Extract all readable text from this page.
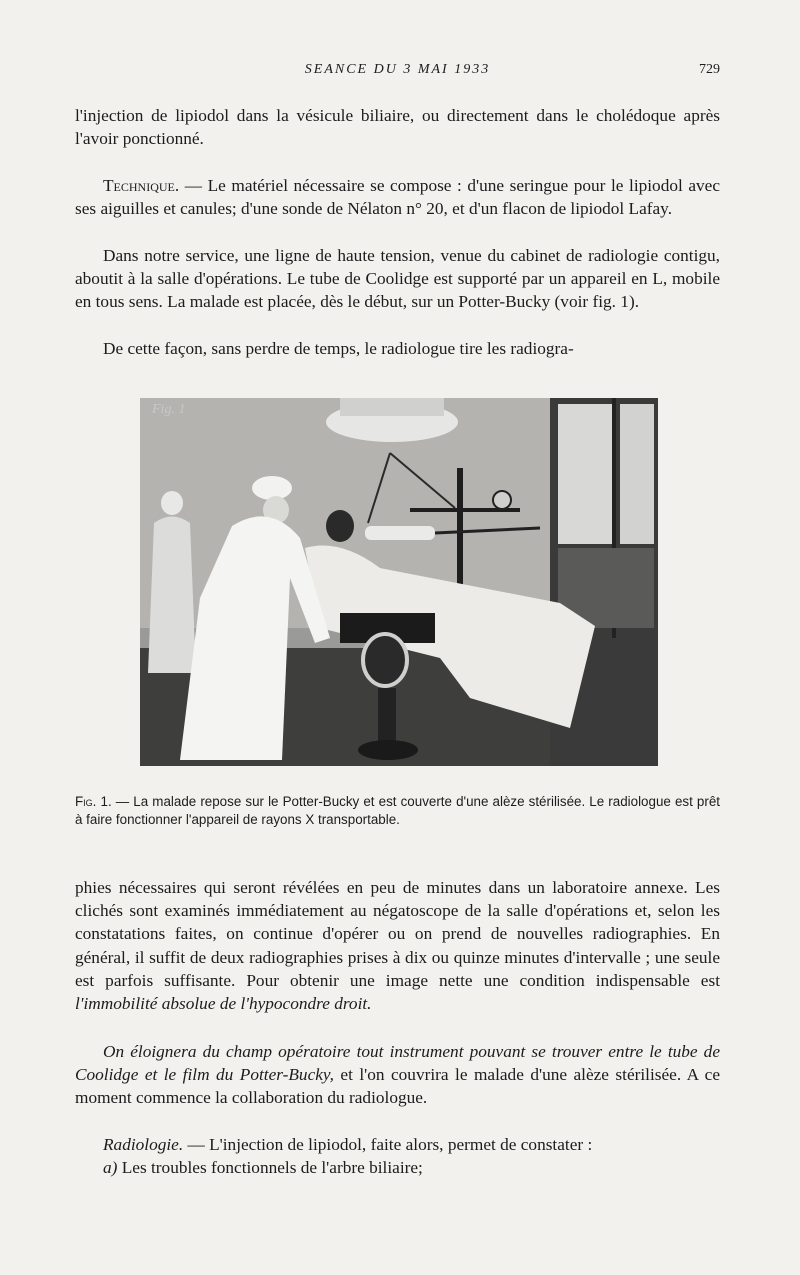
SEANCE DU 3 MAI 1933	729

l'injection de lipiodol dans la vésicule biliaire, ou directement dans le cholédoque après l'avoir ponctionné.

Technique. — Le matériel nécessaire se compose : d'une seringue pour le lipiodol avec ses aiguilles et canules; d'une sonde de Nélaton n° 20, et d'un flacon de lipiodol Lafay.

Dans notre service, une ligne de haute tension, venue du cabinet de radiologie contigu, aboutit à la salle d'opérations. Le tube de Coolidge est supporté par un appareil en L, mobile en tous sens. La malade est placée, dès le début, sur un Potter-Bucky (voir fig. 1).

De cette façon, sans perdre de temps, le radiologue tire les radiogra-

Fig. 1
Fig. 1. — La malade repose sur le Potter-Bucky et est couverte d'une alèze stérilisée. Le radiologue est prêt à faire fonctionner l'appareil de rayons X transportable.

phies nécessaires qui seront révélées en peu de minutes dans un laboratoire annexe. Les clichés sont examinés immédiatement au négatoscope de la salle d'opérations et, selon les constatations faites, on continue d'opérer ou on prend de nouvelles radiographies. En général, il suffit de deux radiographies prises à dix ou quinze minutes d'intervalle ; une seule est parfois suffisante. Pour obtenir une image nette une condition indispensable est l'immobilité absolue de l'hypocondre droit.

On éloignera du champ opératoire tout instrument pouvant se trouver entre le tube de Coolidge et le film du Potter-Bucky, et l'on couvrira le malade d'une alèze stérilisée. A ce moment commence la collaboration du radiologue.

Radiologie. — L'injection de lipiodol, faite alors, permet de constater :

a) Les troubles fonctionnels de l'arbre biliaire;
